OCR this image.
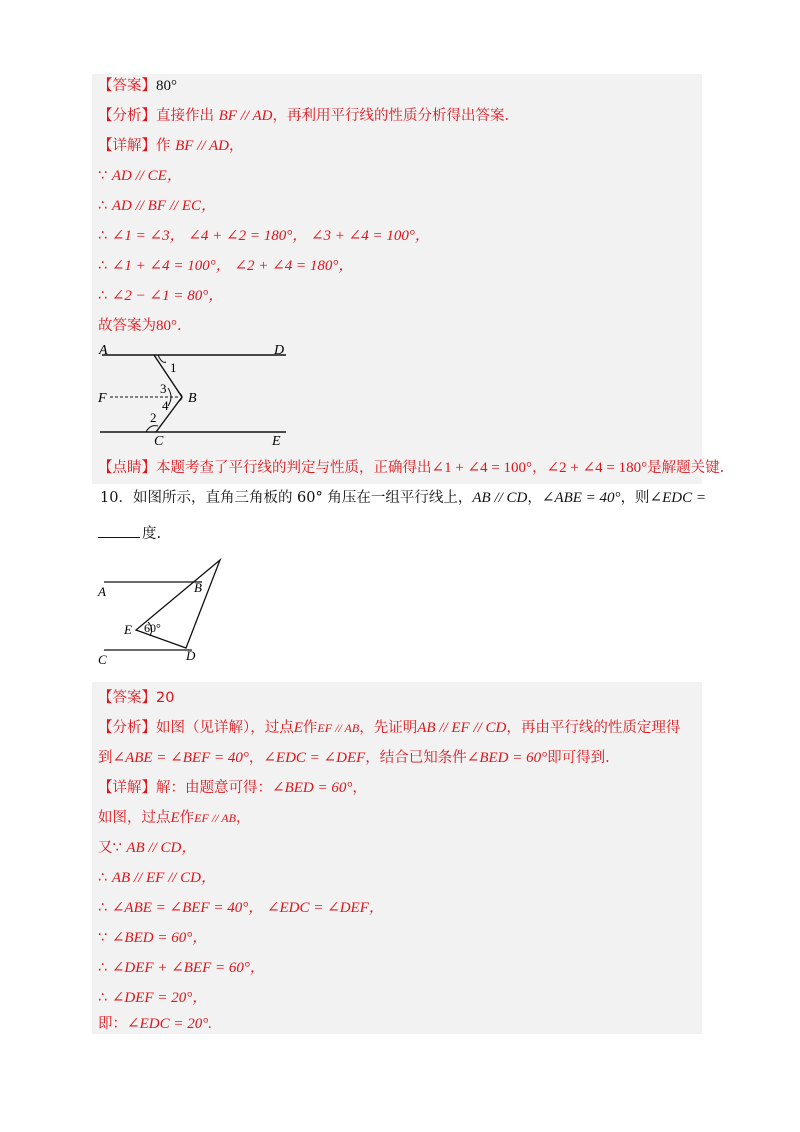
【答案】80°
【分析】直接作出 BF // AD，再利用平行线的性质分析得出答案.
【详解】作 BF // AD，
∵ AD // CE，
∴ AD // BF // EC，
∴ ∠1 = ∠3， ∠4 + ∠2 = 180°， ∠3 + ∠4 = 100°，
∴ ∠1 + ∠4 = 100°， ∠2 + ∠4 = 180°，
∴ ∠2 − ∠1 = 80°，
故答案为80°.
A	D
F	B
C	E
1
3
4
2
【点睛】本题考查了平行线的判定与性质，正确得出∠1 + ∠4 = 100°，∠2 + ∠4 = 180°是解题关键.
10．如图所示，直角三角板的 60° 角压在一组平行线上，AB // CD，∠ABE = 40°，则∠EDC =
度.
A	B
E 60°
C	D
【答案】20
【分析】如图（见详解），过点E作EF // AB，先证明AB // EF // CD，再由平行线的性质定理得
到∠ABE = ∠BEF = 40°，∠EDC = ∠DEF，结合已知条件∠BED = 60°即可得到.
【详解】解：由题意可得：∠BED = 60°，
如图，过点E作EF // AB，
又∵ AB // CD，
∴ AB // EF // CD，
∴ ∠ABE = ∠BEF = 40°， ∠EDC = ∠DEF，
∵ ∠BED = 60°，
∴ ∠DEF + ∠BEF = 60°，
∴ ∠DEF = 20°，
即：∠EDC = 20°.
